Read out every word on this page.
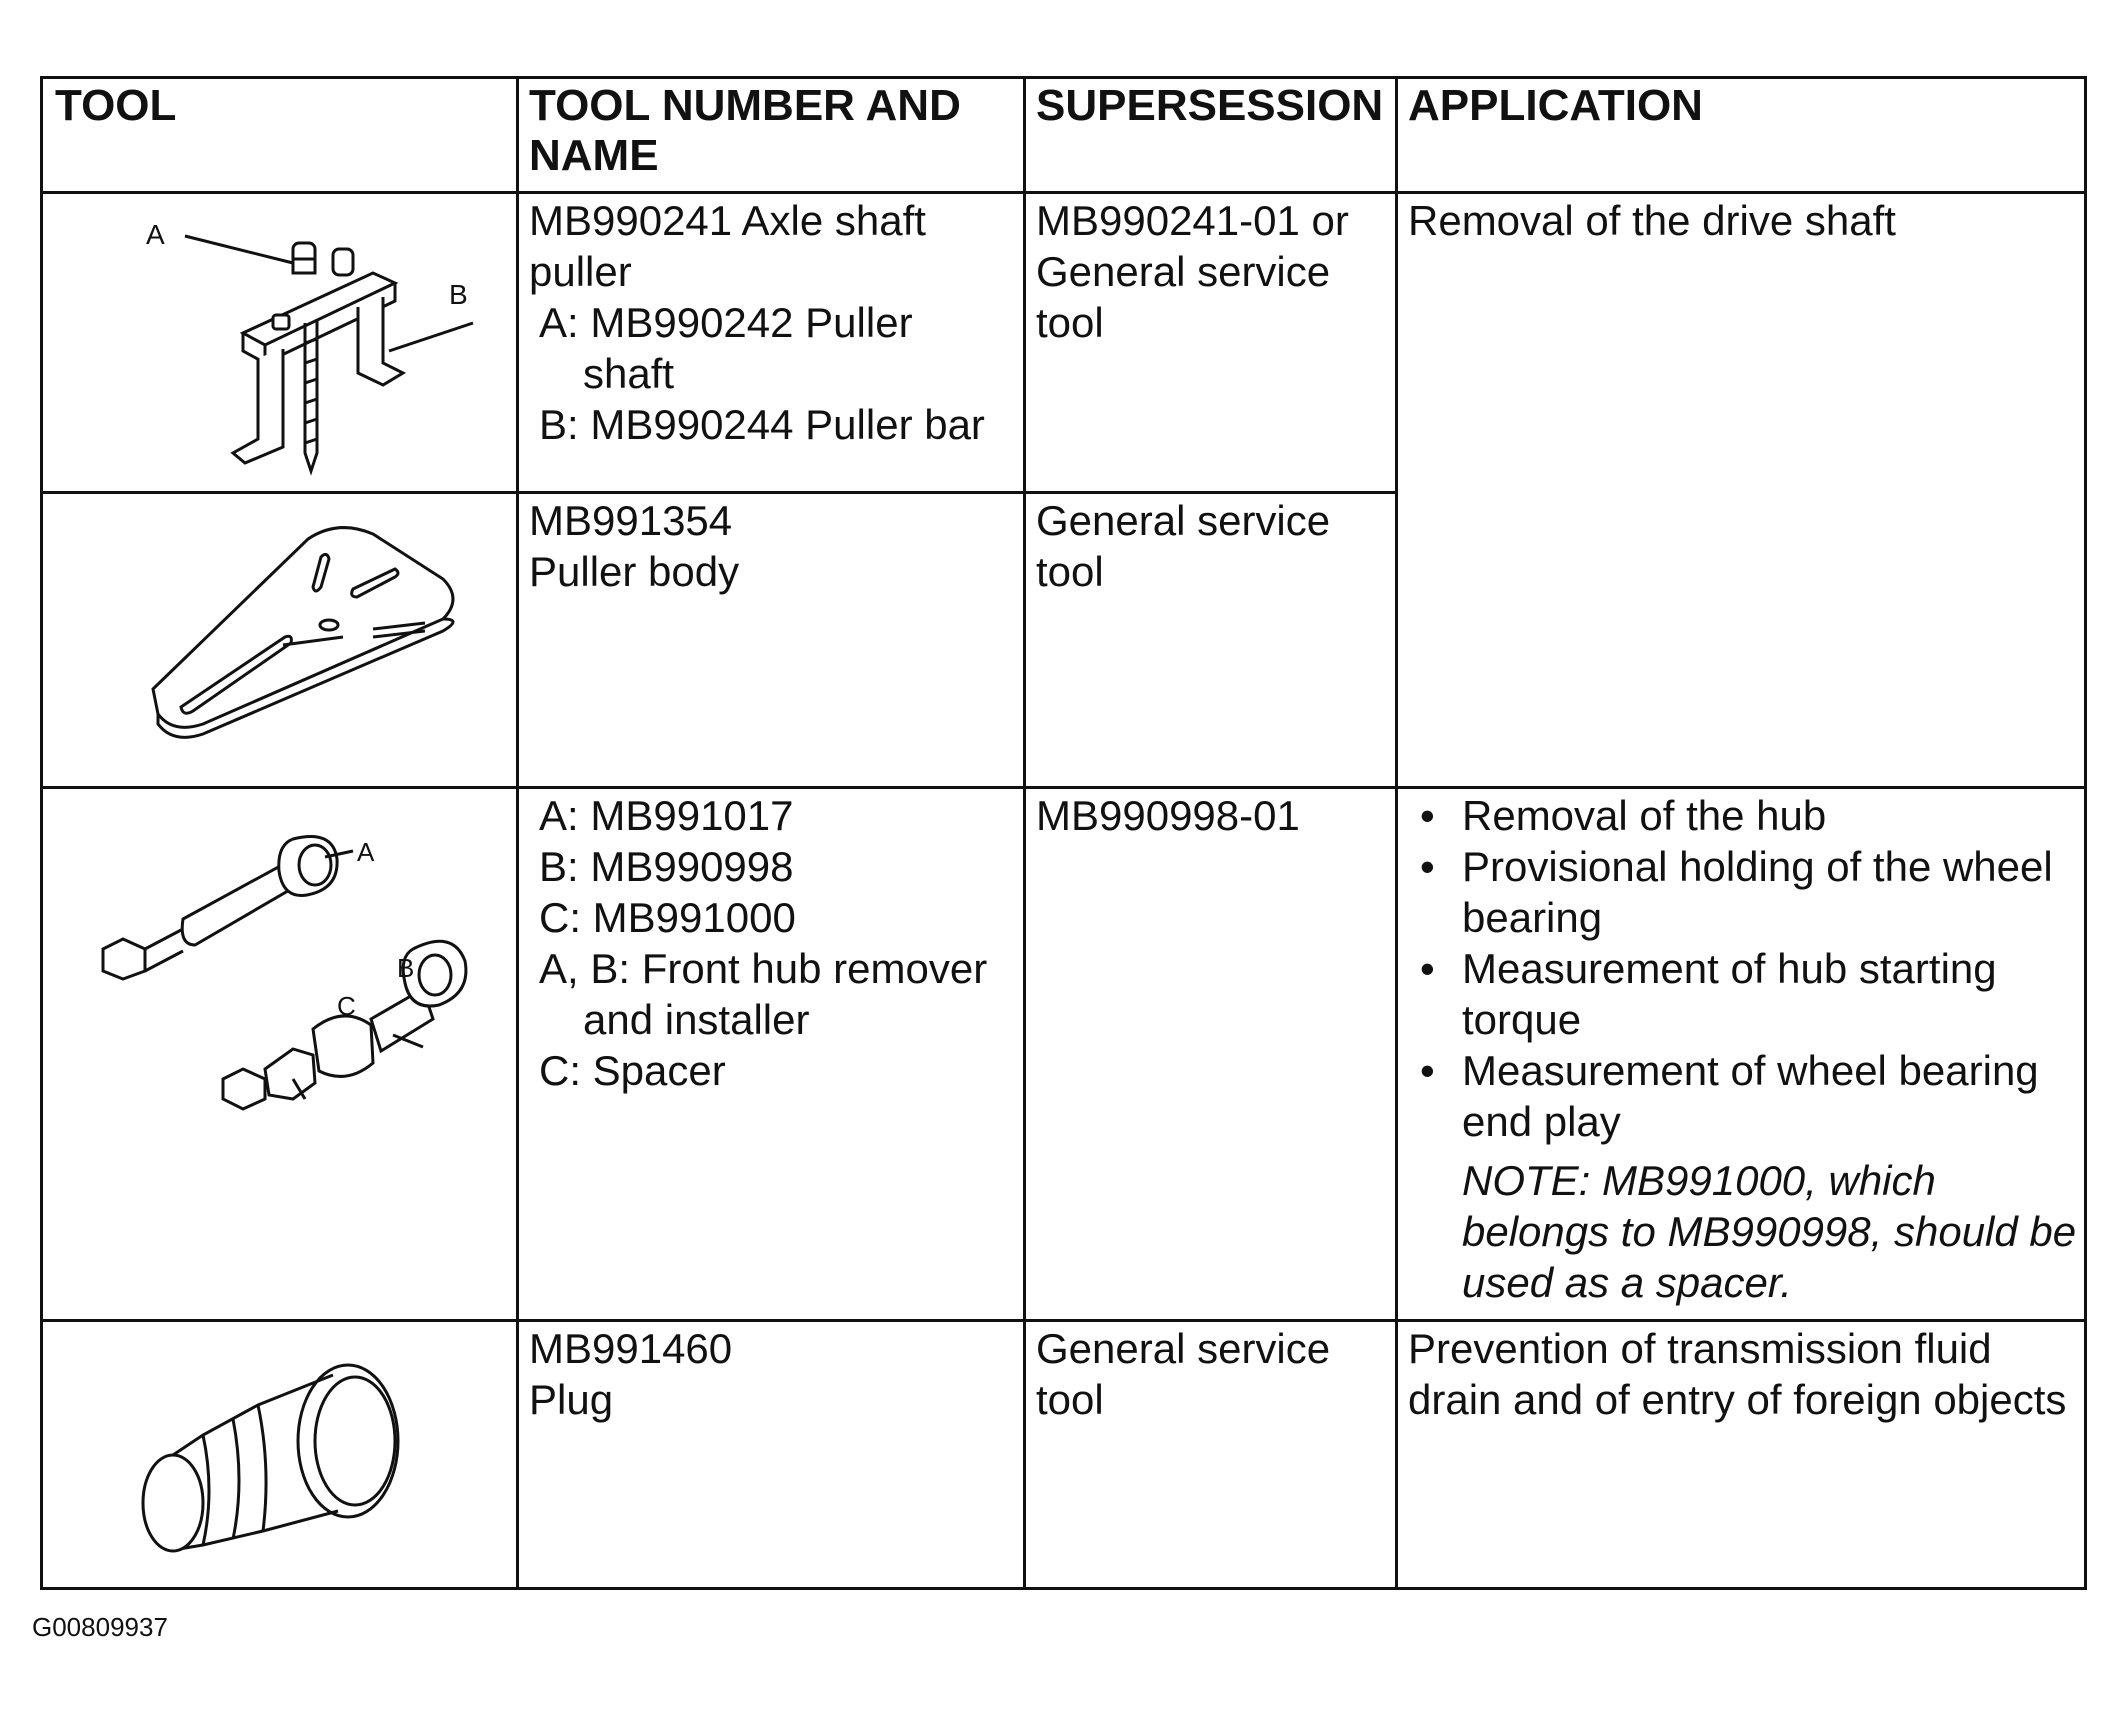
TOOL	TOOL NUMBER AND
NAME
SUPERSESSION APPLICATION
A
B
MB990241 Axle shaft
puller
A: MB990242 Puller
shaft
B: MB990244 Puller bar
MB990241-01 or
General service
tool
Removal of the drive shaft
MB991354
Puller body
General service
tool
A
B
C
A: MB991017
B: MB990998
C: MB991000
A, B: Front hub remover
and installer
C: Spacer
MB990998-01
•	Removal of the hub
• Provisional holding of the wheel
bearing
• Measurement of hub starting
torque
• Measurement of wheel bearing
end play
NOTE: MB991000, which
belongs to MB990998, should be
used as a spacer.
MB991460
Plug
General service
tool
Prevention of transmission fluid
drain and of entry of foreign objects
G00809937
